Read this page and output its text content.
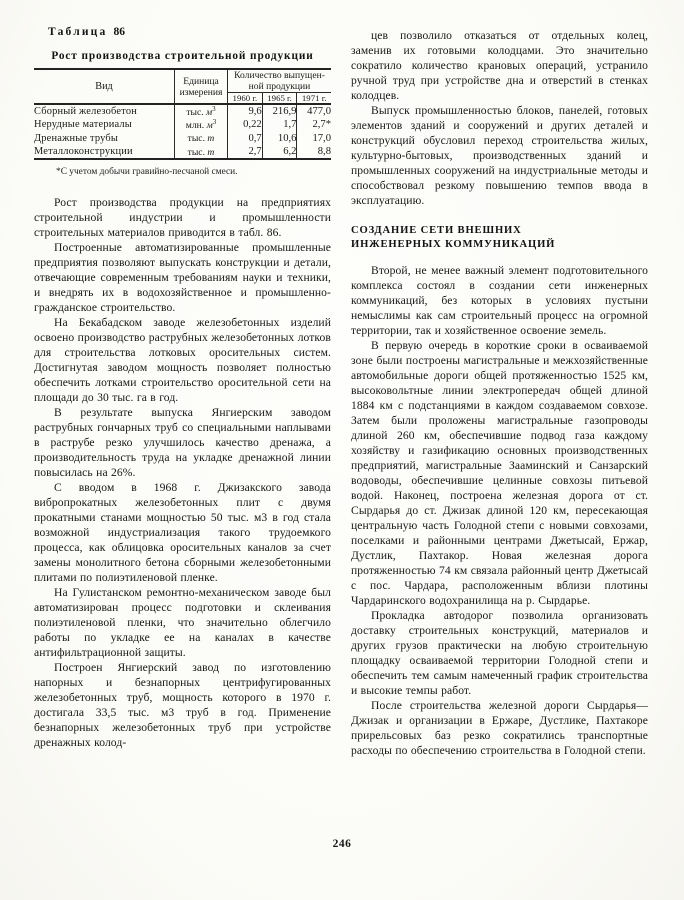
Таблица 86
Рост производства строительной продукции
Вид	Единица
измерения	Количество выпущен-
ной продукции		
		1960 г.	1965 г.	1971 г.
Сборный железобетон	тыс. $м^3$	9,6	216,9	477,0
Нерудные материалы	млн. $м^3$	0,22	1,7	2,7*
Дренажные трубы	тыс. т	0,7	10,6	17,0
Металлоконструкции	тыс. т	2,7	6,2	8,8

*С учетом добычи гравийно-песчаной смеси.

Рост производства продукции на предприятиях строительной индустрии и промышленности строительных материалов приводится в табл. 86.

Построенные автоматизированные промышленные предприятия позволяют выпускать конструкции и детали, отвечающие современным требованиям науки и техники, и внедрять их в водохозяйственное и промышленно-гражданское строительство.

На Бекабадском заводе железобетонных изделий освоено производство раструбных железобетонных лотков для строительства лотковых оросительных систем. Достигнутая заводом мощность позволяет полностью обеспечить лотками строительство оросительной сети на площади до 30 тыс. га в год.

В результате выпуска Янгиерским заводом раструбных гончарных труб со специальными наплывами в раструбе резко улучшилось качество дренажа, а производительность труда на укладке дренажной линии повысилась на 26%.

С вводом в 1968 г. Джизакского завода вибропрокатных железобетонных плит с двумя прокатными станами мощностью 50 тыс. м3 в год стала возможной индустриализация такого трудоемкого процесса, как облицовка оросительных каналов за счет замены монолитного бетона сборными железобетонными плитами по полиэтиленовой пленке.

На Гулистанском ремонтно-механическом заводе был автоматизирован процесс подготовки и склеивания полиэтиленовой пленки, что значительно облегчило работы по укладке ее на каналах в качестве антифильтрационной защиты.

Построен Янгиерский завод по изготовлению напорных и безнапорных центрифугированных железобетонных труб, мощность которого в 1970 г. достигала 33,5 тыс. м3 труб в год. Применение безнапорных железобетонных труб при устройстве дренажных колод-

цев позволило отказаться от отдельных колец, заменив их готовыми колодцами. Это значительно сократило количество крановых операций, устранило ручной труд при устройстве дна и отверстий в стенках колодцев.

Выпуск промышленностью блоков, панелей, готовых элементов зданий и сооружений и других деталей и конструкций обусловил переход строительства жилых, культурно-бытовых, производственных зданий и промышленных сооружений на индустриальные методы и способствовал резкому повышению темпов ввода в эксплуатацию.

СОЗДАНИЕ СЕТИ ВНЕШНИХ
ИНЖЕНЕРНЫХ КОММУНИКАЦИЙ

Второй, не менее важный элемент подготовительного комплекса состоял в создании сети инженерных коммуникаций, без которых в условиях пустыни немыслимы как сам строительный процесс на огромной территории, так и хозяйственное освоение земель.

В первую очередь в короткие сроки в осваиваемой зоне были построены магистральные и межхозяйственные автомобильные дороги общей протяженностью 1525 км, высоковольтные линии электропередач общей длиной 1884 км с подстанциями в каждом создаваемом совхозе. Затем были проложены магистральные газопроводы длиной 260 км, обеспечившие подвод газа каждому хозяйству и газификацию основных производственных предприятий, магистральные Зааминский и Санзарский водоводы, обеспечившие целинные совхозы питьевой водой. Наконец, построена железная дорога от ст. Сырдарья до ст. Джизак длиной 120 км, пересекающая центральную часть Голодной степи с новыми совхозами, поселками и районными центрами Джетысай, Ержар, Дустлик, Пахтакор. Новая железная дорога протяженностью 74 км связала районный центр Джетысай с пос. Чардара, расположенным вблизи плотины Чардаринского водохранилища на р. Сырдарье.

Прокладка автодорог позволила организовать доставку строительных конструкций, материалов и других грузов практически на любую строительную площадку осваиваемой территории Голодной степи и обеспечить тем самым намеченный график строительства и высокие темпы работ.

После строительства железной дороги Сырдарья—Джизак и организации в Ержаре, Дустлике, Пахтакоре прирельсовых баз резко сократились транспортные расходы по обеспечению строительства в Голодной степи.

246
